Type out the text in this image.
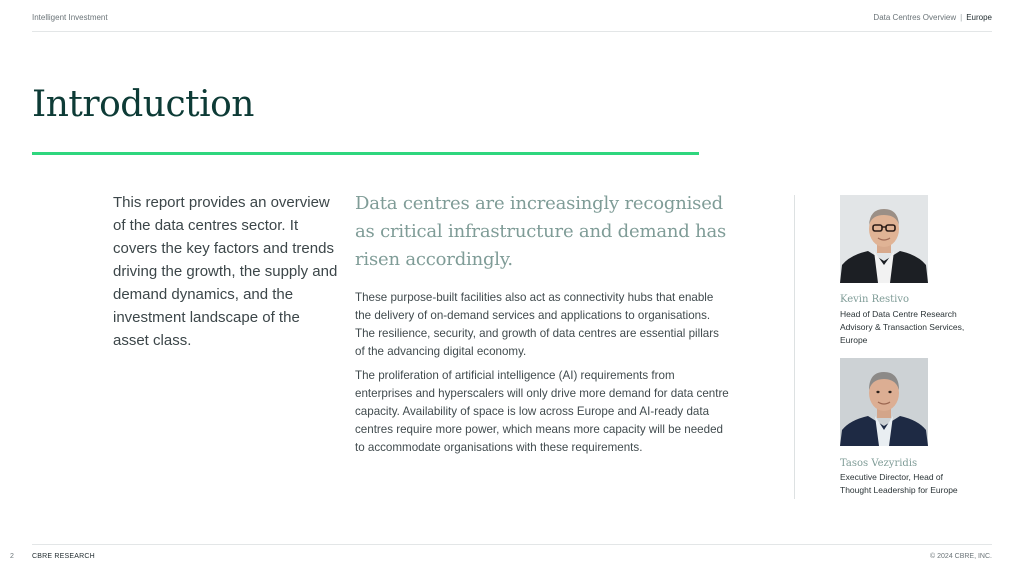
Intelligent Investment	Data Centres Overview | Europe
Introduction

This report provides an overview of the data centres sector. It covers the key factors and trends driving the growth, the supply and demand dynamics, and the investment landscape of the asset class.

Data centres are increasingly recognised as critical infrastructure and demand has risen accordingly.

These purpose-built facilities also act as connectivity hubs that enable the delivery of on-demand services and applications to organisations. The resilience, security, and growth of data centres are essential pillars of the advancing digital economy.

The proliferation of artificial intelligence (AI) requirements from enterprises and hyperscalers will only drive more demand for data centre capacity. Availability of space is low across Europe and AI-ready data centres require more power, which means more capacity will be needed to accommodate organisations with these requirements.

Kevin Restivo

Head of Data Centre Research
Advisory & Transaction Services,
Europe

Tasos Vezyridis

Executive Director, Head of
Thought Leadership for Europe

2	CBRE RESEARCH	© 2024 CBRE, INC.
